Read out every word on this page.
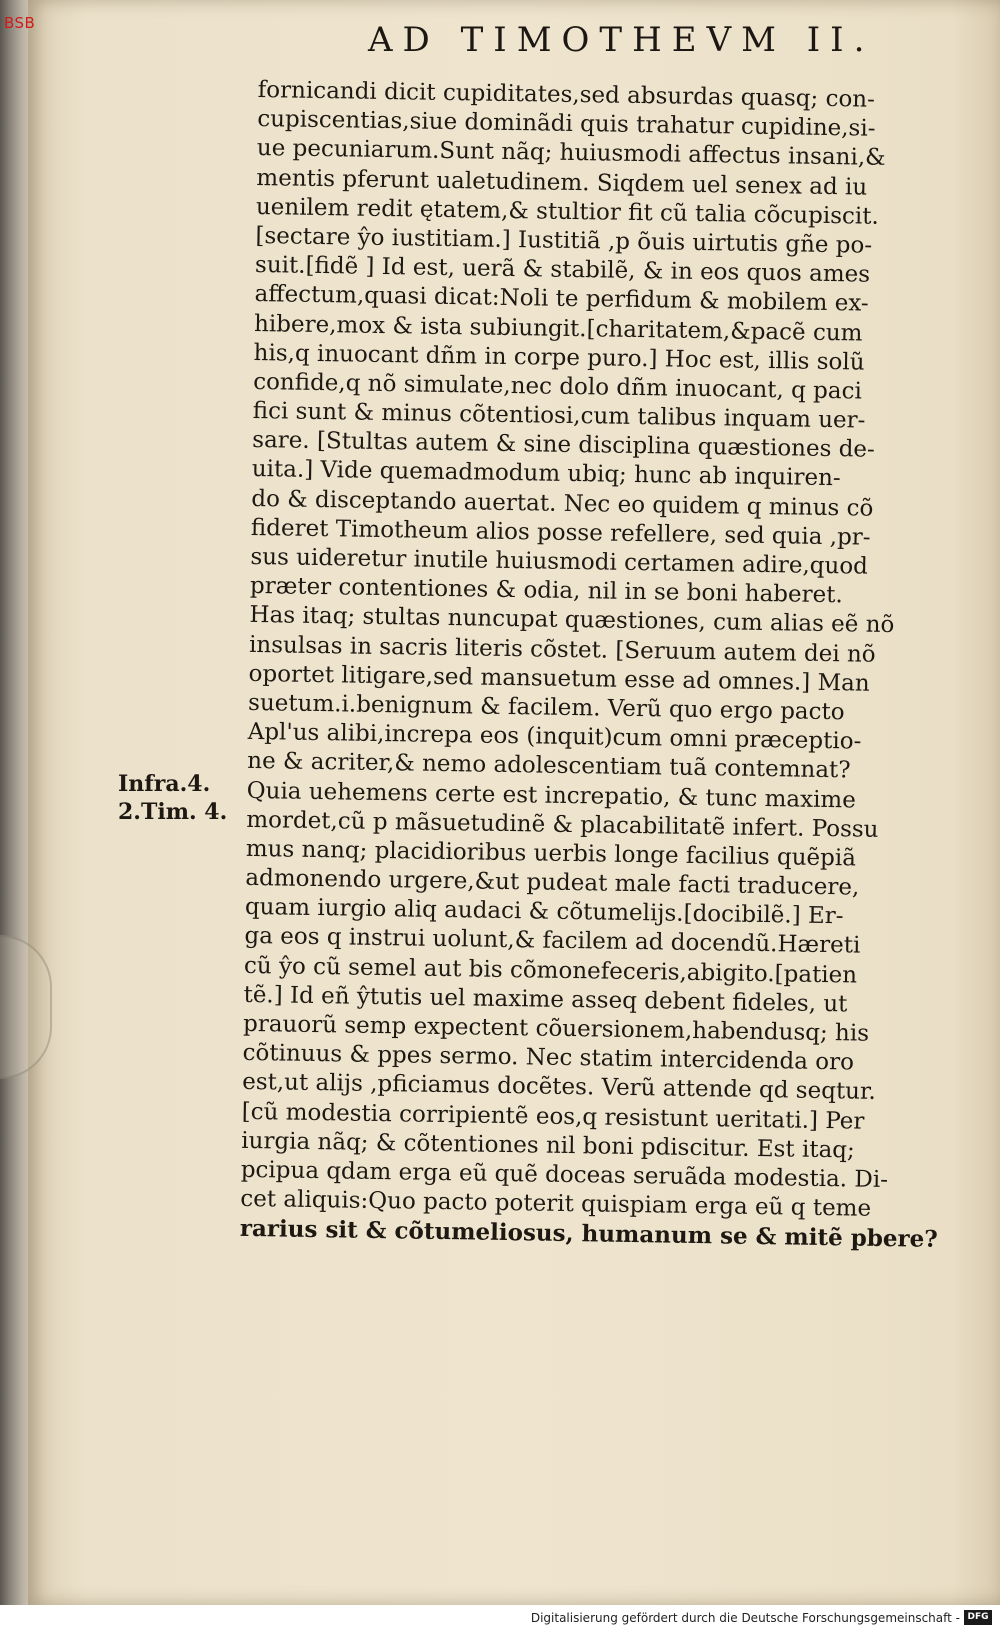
AD TIMOTHEVM II.
fornicandi dicit cupiditates,sed absurdas quasq; con-
cupiscentias,siue dominãdi quis trahatur cupidine,si-
ue pecuniarum.Sunt nãq; huiusmodi affectus insani,&
mentis pferunt ualetudinem. Siqdem uel senex ad iu
uenilem redit ętatem,& stultior fit cũ talia cõcupiscit.
[sectare ŷo iustitiam.] Iustitiã ,p õuis uirtutis gñe po-
suit.[fidẽ ] Id est, uerã & stabilẽ, & in eos quos ames
affectum,quasi dicat:Noli te perfidum & mobilem ex-
hibere,mox & ista subiungit.[charitatem,&pacẽ cum
his,q inuocant dñm in corpe puro.] Hoc est, illis solũ
confide,q nõ simulate,nec dolo dñm inuocant, q paci
fici sunt & minus cõtentiosi,cum talibus inquam uer-
sare. [Stultas autem & sine disciplina quæstiones de-
uita.] Vide quemadmodum ubiq; hunc ab inquiren-
do & disceptando auertat. Nec eo quidem q minus cõ
fideret Timotheum alios posse refellere, sed quia ,pr-
sus uideretur inutile huiusmodi certamen adire,quod
præter contentiones & odia, nil in se boni haberet.
Has itaq; stultas nuncupat quæstiones, cum alias eẽ nõ
insulsas in sacris literis cõstet. [Seruum autem dei nõ
oportet litigare,sed mansuetum esse ad omnes.] Man
suetum.i.benignum & facilem. Verũ quo ergo pacto
Apl'us alibi,increpa eos (inquit)cum omni præceptio-
ne & acriter,& nemo adolescentiam tuã contemnat?
Quia uehemens certe est increpatio, & tunc maxime
mordet,cũ p mãsuetudinẽ & placabilitatẽ infert. Possu
mus nanq; placidioribus uerbis longe facilius quẽpiã
admonendo urgere,&ut pudeat male facti traducere,
quam iurgio aliq audaci & cõtumelijs.[docibilẽ.] Er-
ga eos q instrui uolunt,& facilem ad docendũ.Hæreti
cũ ŷo cũ semel aut bis cõmonefeceris,abigito.[patien
tẽ.] Id eñ ŷtutis uel maxime asseq debent fideles, ut
prauorũ semp expectent cõuersionem,habendusq; his
cõtinuus & ppes sermo. Nec statim intercidenda oro
est,ut alijs ,pficiamus docẽtes. Verũ attende qd seqtur.
[cũ modestia corripientẽ eos,q resistunt ueritati.] Per
iurgia nãq; & cõtentiones nil boni pdiscitur. Est itaq;
pcipua qdam erga eũ quẽ doceas seruãda modestia. Di-
cet aliquis:Quo pacto poterit quispiam erga eũ q teme
rarius sit & cõtumeliosus, humanum se & mitẽ pbere?
Infra.4.
2.Tim. 4.
BSB
Digitalisierung gefördert durch die Deutsche Forschungsgemeinschaft - DFG
